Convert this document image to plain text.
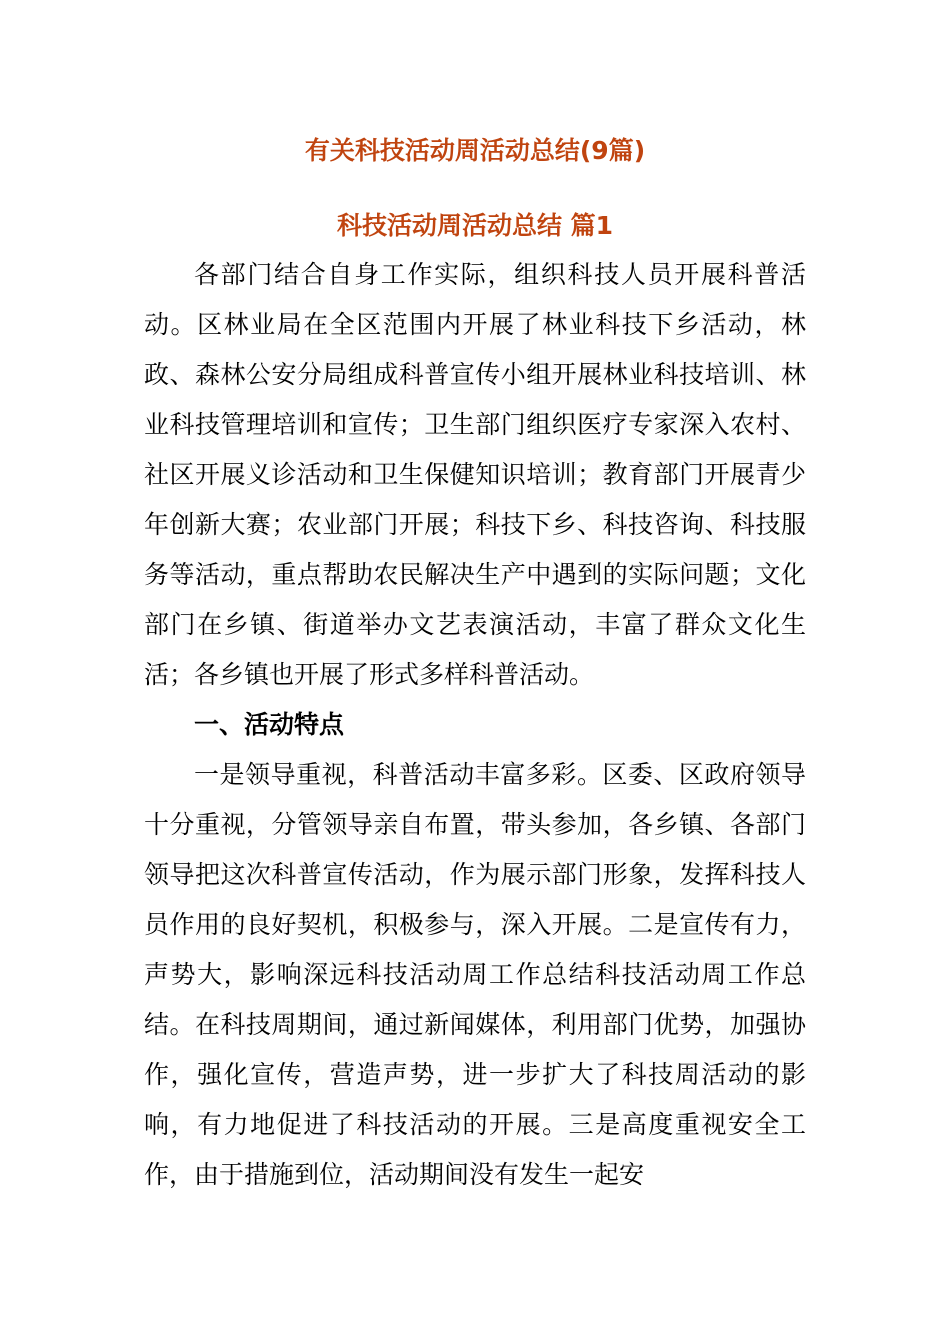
有关科技活动周活动总结(9篇)
科技活动周活动总结 篇1

各部门结合自身工作实际，组织科技人员开展科普活动。区林业局在全区范围内开展了林业科技下乡活动，林政、森林公安分局组成科普宣传小组开展林业科技培训、林业科技管理培训和宣传；卫生部门组织医疗专家深入农村、社区开展义诊活动和卫生保健知识培训；教育部门开展青少年创新大赛；农业部门开展；科技下乡、科技咨询、科技服务等活动，重点帮助农民解决生产中遇到的实际问题；文化部门在乡镇、街道举办文艺表演活动，丰富了群众文化生活；各乡镇也开展了形式多样科普活动。

一、活动特点

一是领导重视，科普活动丰富多彩。区委、区政府领导十分重视，分管领导亲自布置，带头参加，各乡镇、各部门领导把这次科普宣传活动，作为展示部门形象，发挥科技人员作用的良好契机，积极参与，深入开展。二是宣传有力，声势大，影响深远科技活动周工作总结科技活动周工作总结。在科技周期间，通过新闻媒体，利用部门优势，加强协作，强化宣传，营造声势，进一步扩大了科技周活动的影响，有力地促进了科技活动的开展。三是高度重视安全工作，由于措施到位，活动期间没有发生一起安
